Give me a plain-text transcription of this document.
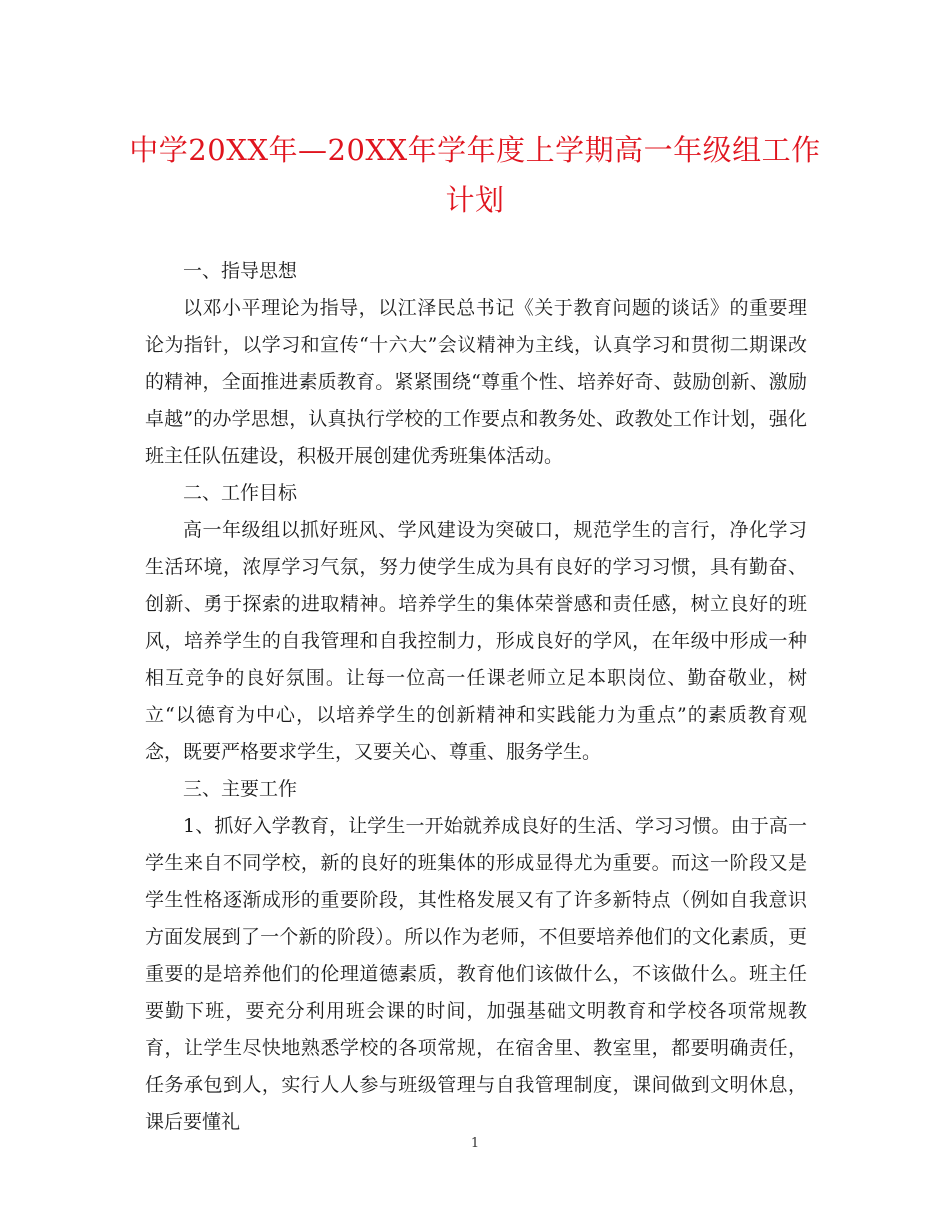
中学20XX年—20XX年学年度上学期高一年级组工作计划

一、指导思想

以邓小平理论为指导，以江泽民总书记《关于教育问题的谈话》的重要理论为指针，以学习和宣传“十六大”会议精神为主线，认真学习和贯彻二期课改的精神，全面推进素质教育。紧紧围绕“尊重个性、培养好奇、鼓励创新、激励卓越”的办学思想，认真执行学校的工作要点和教务处、政教处工作计划，强化班主任队伍建设，积极开展创建优秀班集体活动。

二、工作目标

高一年级组以抓好班风、学风建设为突破口，规范学生的言行，净化学习生活环境，浓厚学习气氛，努力使学生成为具有良好的学习习惯，具有勤奋、创新、勇于探索的进取精神。培养学生的集体荣誉感和责任感，树立良好的班风，培养学生的自我管理和自我控制力，形成良好的学风，在年级中形成一种相互竞争的良好氛围。让每一位高一任课老师立足本职岗位、勤奋敬业，树立“以德育为中心，以培养学生的创新精神和实践能力为重点”的素质教育观念，既要严格要求学生，又要关心、尊重、服务学生。

三、主要工作

1、抓好入学教育，让学生一开始就养成良好的生活、学习习惯。由于高一学生来自不同学校，新的良好的班集体的形成显得尤为重要。而这一阶段又是学生性格逐渐成形的重要阶段，其性格发展又有了许多新特点（例如自我意识方面发展到了一个新的阶段）。所以作为老师，不但要培养他们的文化素质，更重要的是培养他们的伦理道德素质，教育他们该做什么，不该做什么。班主任要勤下班，要充分利用班会课的时间，加强基础文明教育和学校各项常规教育，让学生尽快地熟悉学校的各项常规，在宿舍里、教室里，都要明确责任，任务承包到人，实行人人参与班级管理与自我管理制度，课间做到文明休息，课后要懂礼

1
